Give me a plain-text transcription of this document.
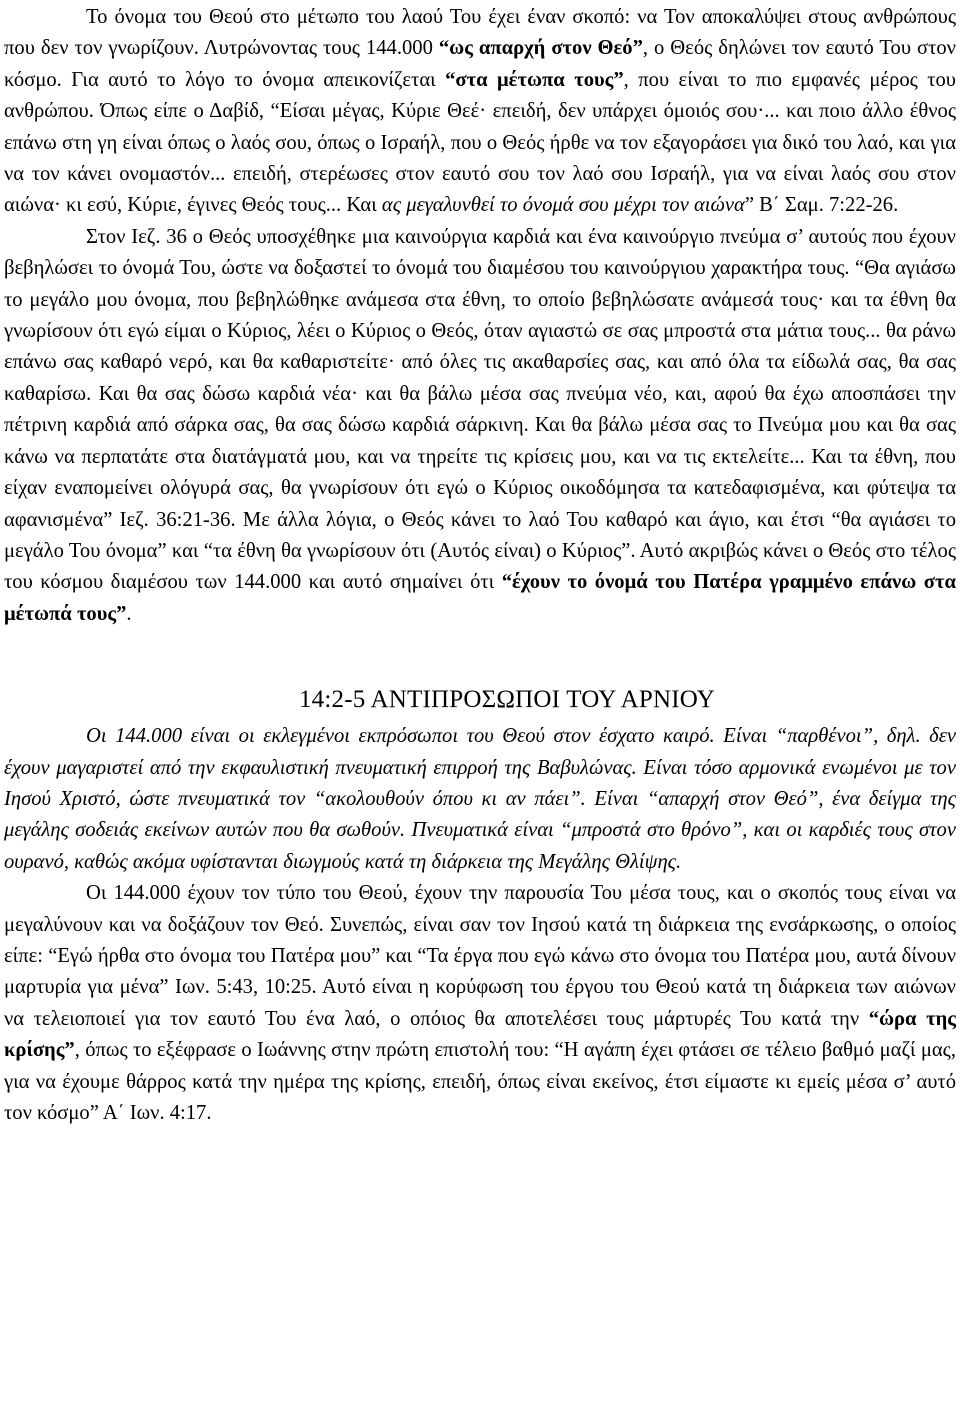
Το όνομα του Θεού στο μέτωπο του λαού Του έχει έναν σκοπό: να Τον αποκαλύψει στους ανθρώπους που δεν τον γνωρίζουν. Λυτρώνοντας τους 144.000 “ως απαρχή στον Θεό”, ο Θεός δηλώνει τον εαυτό Του στον κόσμο. Για αυτό το λόγο το όνομα απεικονίζεται “στα μέτωπα τους”, που είναι το πιο εμφανές μέρος του ανθρώπου. Όπως είπε ο Δαβίδ, “Είσαι μέγας, Κύριε Θεέ· επειδή, δεν υπάρχει όμοιός σου·... και ποιο άλλο έθνος επάνω στη γη είναι όπως ο λαός σου, όπως ο Ισραήλ, που ο Θεός ήρθε να τον εξαγοράσει για δικό του λαό, και για να τον κάνει ονομαστόν... επειδή, στερέωσες στον εαυτό σου τον λαό σου Ισραήλ, για να είναι λαός σου στον αιώνα· κι εσύ, Κύριε, έγινες Θεός τους... Και ας μεγαλυνθεί το όνομά σου μέχρι τον αιώνα” Β΄ Σαμ. 7:22-26.

Στον Ιεζ. 36 ο Θεός υποσχέθηκε μια καινούργια καρδιά και ένα καινούργιο πνεύμα σ’ αυτούς που έχουν βεβηλώσει το όνομά Του, ώστε να δοξαστεί το όνομά του διαμέσου του καινούργιου χαρακτήρα τους. “Θα αγιάσω το μεγάλο μου όνομα, που βεβηλώθηκε ανάμεσα στα έθνη, το οποίο βεβηλώσατε ανάμεσά τους· και τα έθνη θα γνωρίσουν ότι εγώ είμαι ο Κύριος, λέει ο Κύριος ο Θεός, όταν αγιαστώ σε σας μπροστά στα μάτια τους... θα ράνω επάνω σας καθαρό νερό, και θα καθαριστείτε· από όλες τις ακαθαρσίες σας, και από όλα τα είδωλά σας, θα σας καθαρίσω. Και θα σας δώσω καρδιά νέα· και θα βάλω μέσα σας πνεύμα νέο, και, αφού θα έχω αποσπάσει την πέτρινη καρδιά από σάρκα σας, θα σας δώσω καρδιά σάρκινη. Και θα βάλω μέσα σας το Πνεύμα μου και θα σας κάνω να περπατάτε στα διατάγματά μου, και να τηρείτε τις κρίσεις μου, και να τις εκτελείτε... Και τα έθνη, που είχαν εναπομείνει ολόγυρά σας, θα γνωρίσουν ότι εγώ ο Κύριος οικοδόμησα τα κατεδαφισμένα, και φύτεψα τα αφανισμένα” Ιεζ. 36:21-36. Με άλλα λόγια, ο Θεός κάνει το λαό Του καθαρό και άγιο, και έτσι “θα αγιάσει το μεγάλο Του όνομα” και “τα έθνη θα γνωρίσουν ότι (Αυτός είναι) ο Κύριος”. Αυτό ακριβώς κάνει ο Θεός στο τέλος του κόσμου διαμέσου των 144.000 και αυτό σημαίνει ότι “έχουν το όνομά του Πατέρα γραμμένο επάνω στα μέτωπά τους”.

14:2-5 ΑΝΤΙΠΡΟΣΩΠΟΙ ΤΟΥ ΑΡΝΙΟΥ

Οι 144.000 είναι οι εκλεγμένοι εκπρόσωποι του Θεού στον έσχατο καιρό. Είναι “παρθένοι”, δηλ. δεν έχουν μαγαριστεί από την εκφαυλιστική πνευματική επιρροή της Βαβυλώνας. Είναι τόσο αρμονικά ενωμένοι με τον Ιησού Χριστό, ώστε πνευματικά τον “ακολουθούν όπου κι αν πάει”. Είναι “απαρχή στον Θεό”, ένα δείγμα της μεγάλης σοδειάς εκείνων αυτών που θα σωθούν. Πνευματικά είναι “μπροστά στο θρόνο”, και οι καρδιές τους στον ουρανό, καθώς ακόμα υφίστανται διωγμούς κατά τη διάρκεια της Μεγάλης Θλίψης.

Οι 144.000 έχουν τον τύπο του Θεού, έχουν την παρουσία Του μέσα τους, και ο σκοπός τους είναι να μεγαλύνουν και να δοξάζουν τον Θεό. Συνεπώς, είναι σαν τον Ιησού κατά τη διάρκεια της ενσάρκωσης, ο οποίος είπε: “Εγώ ήρθα στο όνομα του Πατέρα μου” και “Τα έργα που εγώ κάνω στο όνομα του Πατέρα μου, αυτά δίνουν μαρτυρία για μένα” Ιων. 5:43, 10:25. Αυτό είναι η κορύφωση του έργου του Θεού κατά τη διάρκεια των αιώνων να τελειοποιεί για τον εαυτό Του ένα λαό, ο οπόιος θα αποτελέσει τους μάρτυρές Του κατά την “ώρα της κρίσης”, όπως το εξέφρασε ο Ιωάννης στην πρώτη επιστολή του: “Η αγάπη έχει φτάσει σε τέλειο βαθμό μαζί μας, για να έχουμε θάρρος κατά την ημέρα της κρίσης, επειδή, όπως είναι εκείνος, έτσι είμαστε κι εμείς μέσα σ’ αυτό τον κόσμο” Α΄ Ιων. 4:17.
